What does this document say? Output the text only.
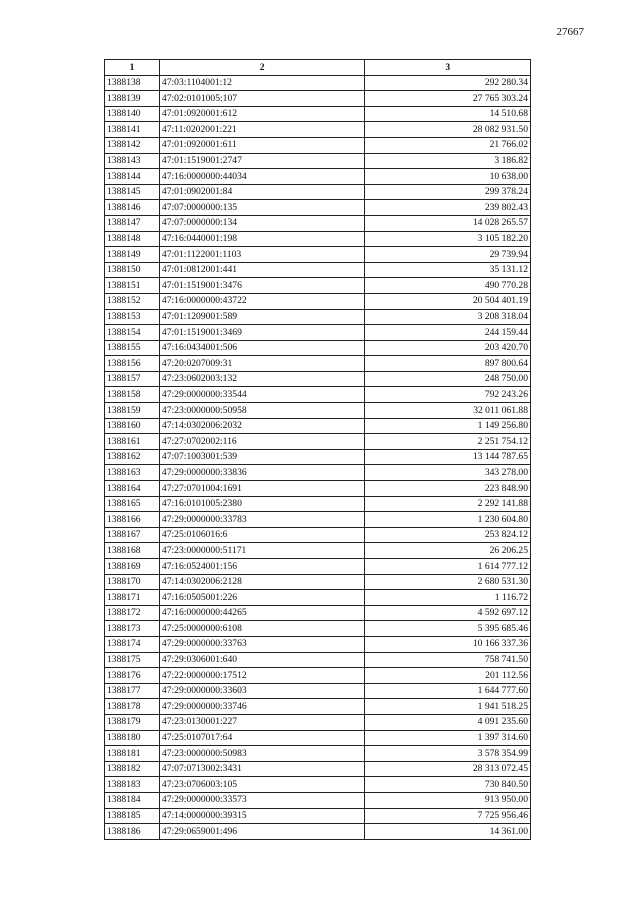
27667
1	2	3
1388138	47:03:1104001:12	292 280.34
1388139	47:02:0101005:107	27 765 303.24
1388140	47:01:0920001:612	14 510.68
1388141	47:11:0202001:221	28 082 931.50
1388142	47:01:0920001:611	21 766.02
1388143	47:01:1519001:2747	3 186.82
1388144	47:16:0000000:44034	10 638.00
1388145	47:01:0902001:84	299 378.24
1388146	47:07:0000000:135	239 802.43
1388147	47:07:0000000:134	14 028 265.57
1388148	47:16:0440001:198	3 105 182.20
1388149	47:01:1122001:1103	29 739.94
1388150	47:01:0812001:441	35 131.12
1388151	47:01:1519001:3476	490 770.28
1388152	47:16:0000000:43722	20 504 401.19
1388153	47:01:1209001:589	3 208 318.04
1388154	47:01:1519001:3469	244 159.44
1388155	47:16:0434001:506	203 420.70
1388156	47:20:0207009:31	897 800.64
1388157	47:23:0602003:132	248 750.00
1388158	47:29:0000000:33544	792 243.26
1388159	47:23:0000000:50958	32 011 061.88
1388160	47:14:0302006:2032	1 149 256.80
1388161	47:27:0702002:116	2 251 754.12
1388162	47:07:1003001:539	13 144 787.65
1388163	47:29:0000000:33836	343 278.00
1388164	47:27:0701004:1691	223 848.90
1388165	47:16:0101005:2380	2 292 141.88
1388166	47:29:0000000:33783	1 230 604.80
1388167	47:25:0106016:6	253 824.12
1388168	47:23:0000000:51171	26 206.25
1388169	47:16:0524001:156	1 614 777.12
1388170	47:14:0302006:2128	2 680 531.30
1388171	47:16:0505001:226	1 116.72
1388172	47:16:0000000:44265	4 592 697.12
1388173	47:25:0000000:6108	5 395 685.46
1388174	47:29:0000000:33763	10 166 337.36
1388175	47:29:0306001:640	758 741.50
1388176	47:22:0000000:17512	201 112.56
1388177	47:29:0000000:33603	1 644 777.60
1388178	47:29:0000000:33746	1 941 518.25
1388179	47:23:0130001:227	4 091 235.60
1388180	47:25:0107017:64	1 397 314.60
1388181	47:23:0000000:50983	3 578 354.99
1388182	47:07:0713002:3431	28 313 072.45
1388183	47:23:0706003:105	730 840.50
1388184	47:29:0000000:33573	913 950.00
1388185	47:14:0000000:39315	7 725 956.46
1388186	47:29:0659001:496	14 361.00
